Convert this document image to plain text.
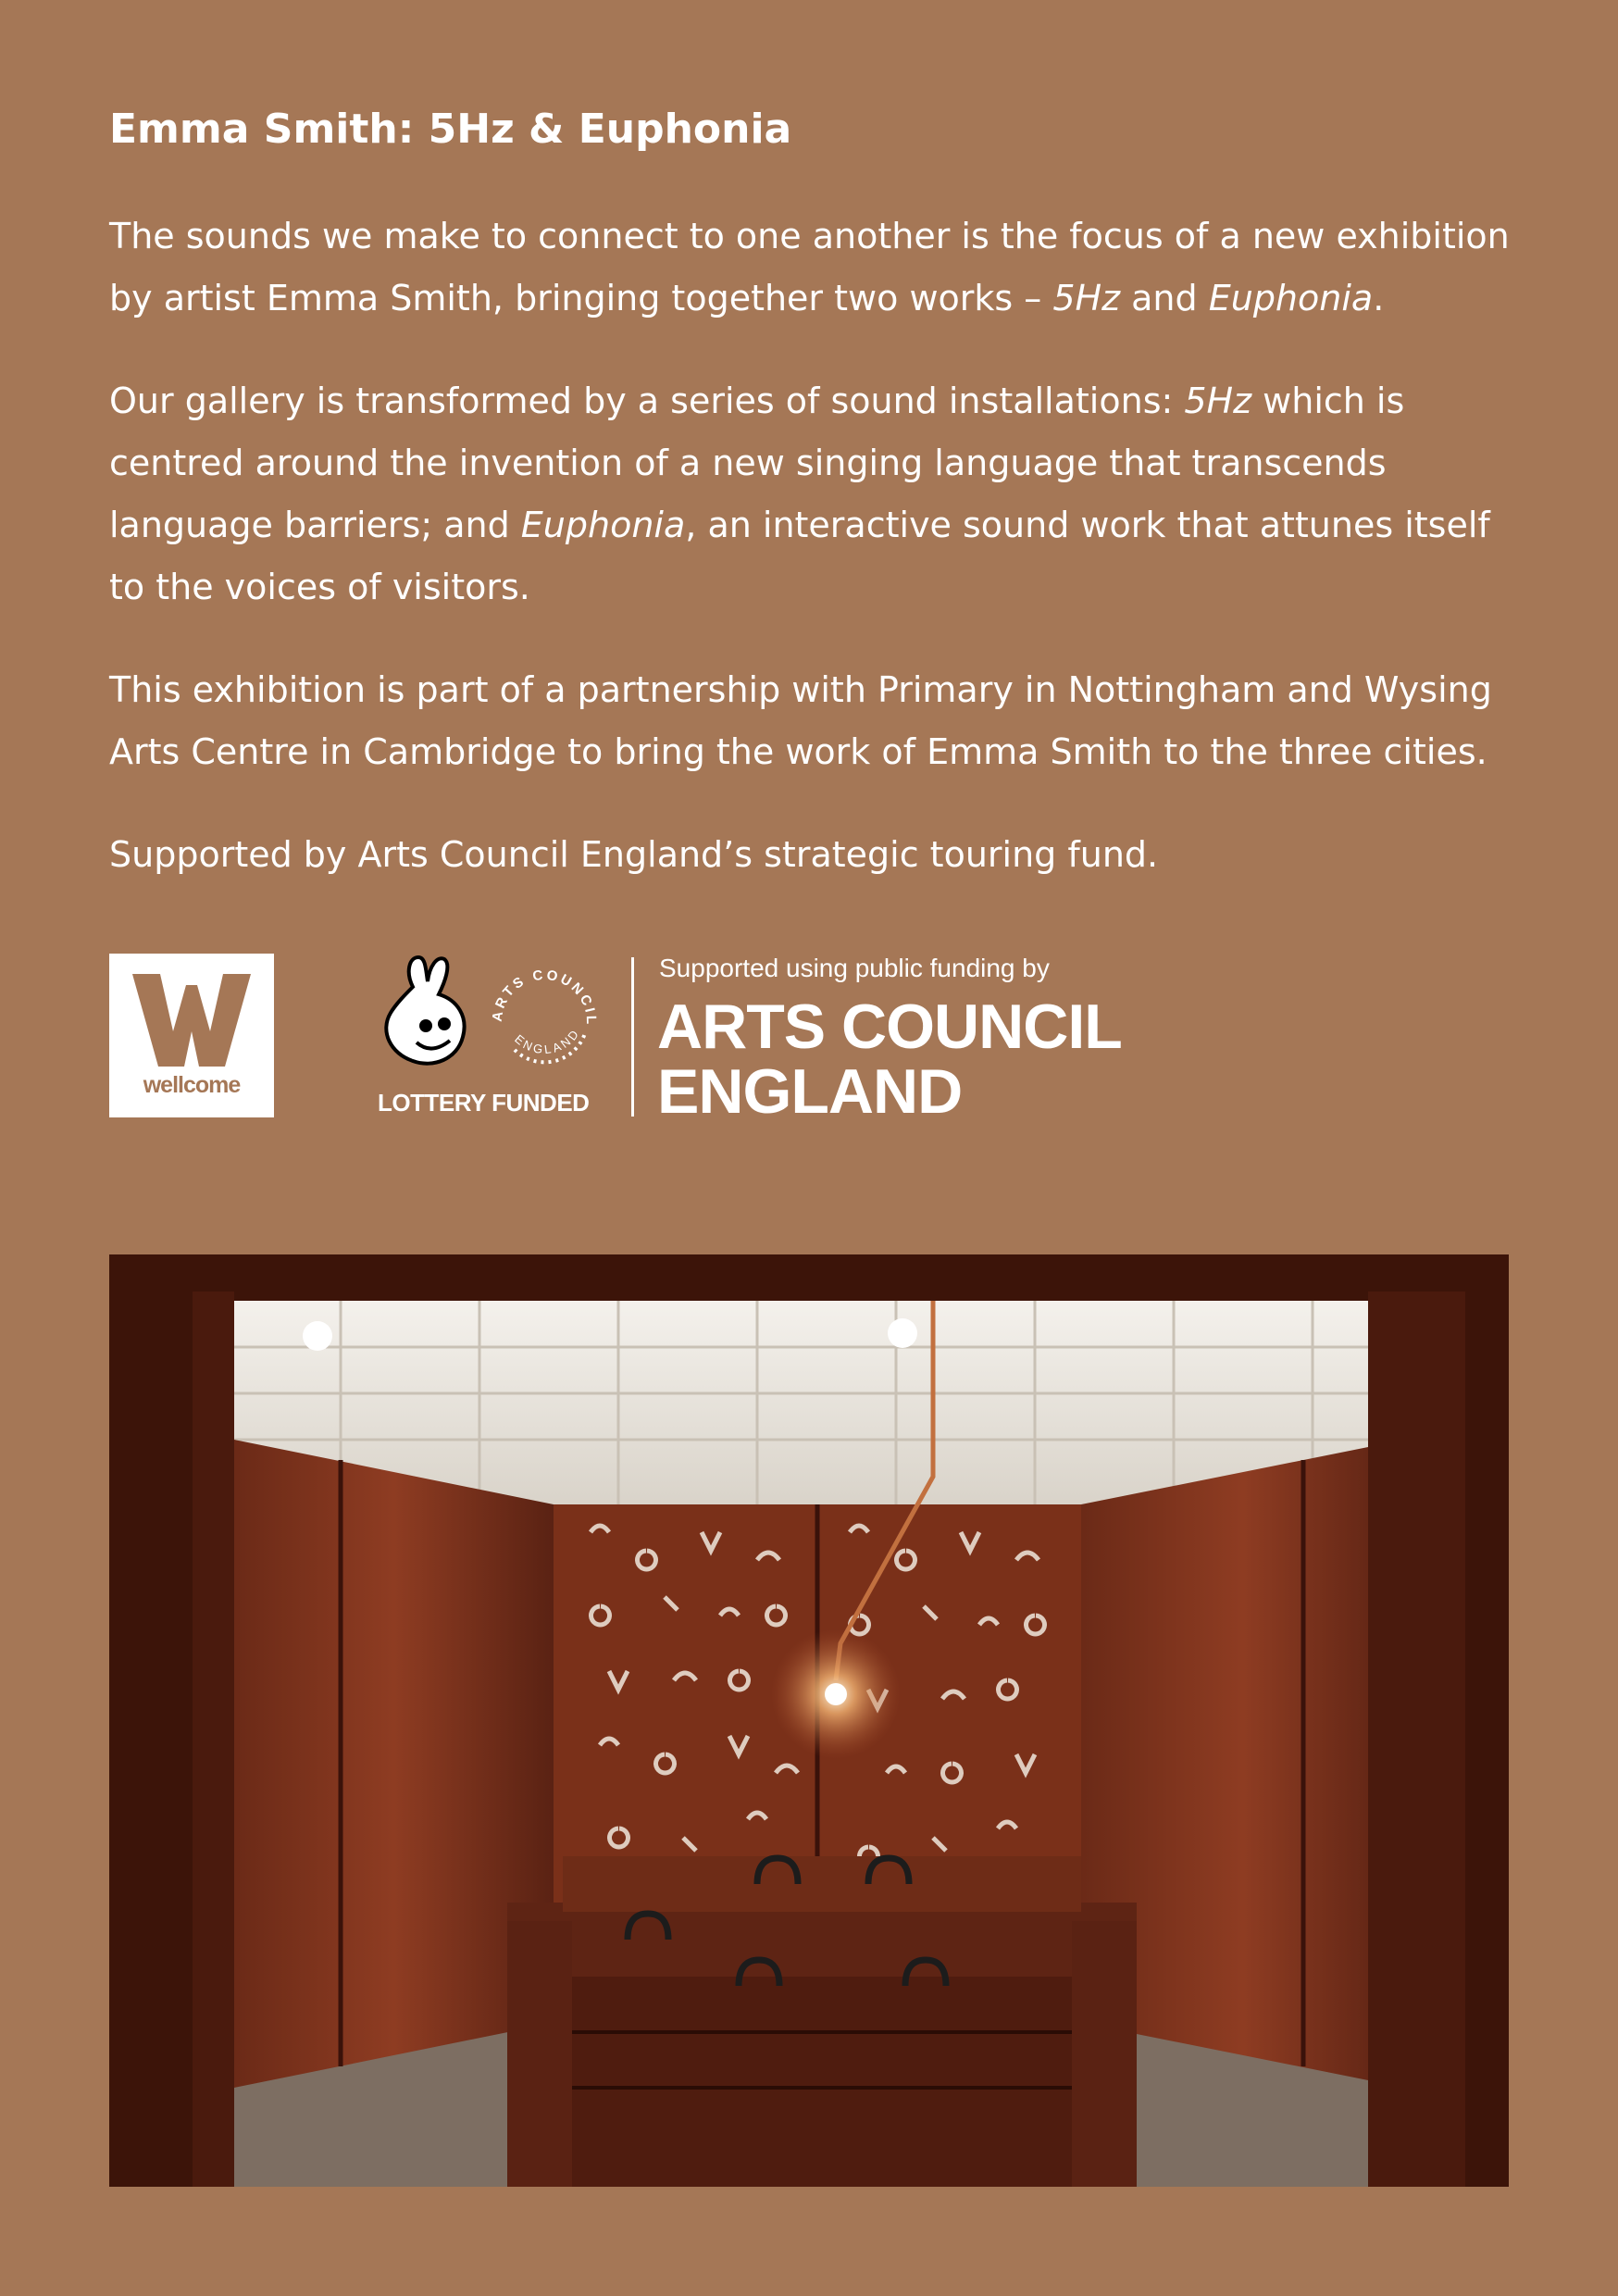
Emma Smith: 5Hz & Euphonia

The sounds we make to connect to one another is the focus of a new exhibition by artist Emma Smith, bringing together two works – 5Hz and Euphonia.

Our gallery is transformed by a series of sound installations: 5Hz which is centred around the invention of a new singing language that transcends language barriers; and Euphonia, an interactive sound work that attunes itself to the voices of visitors.

This exhibition is part of a partnership with Primary in Nottingham and Wysing Arts Centre in Cambridge to bring the work of Emma Smith to the three cities.

Supported by Arts Council England’s strategic touring fund.

wellcome
LOTTERY FUNDED
ARTS COUNCIL
ENGLAND
Supported using public funding by
ARTS COUNCIL
ENGLAND
